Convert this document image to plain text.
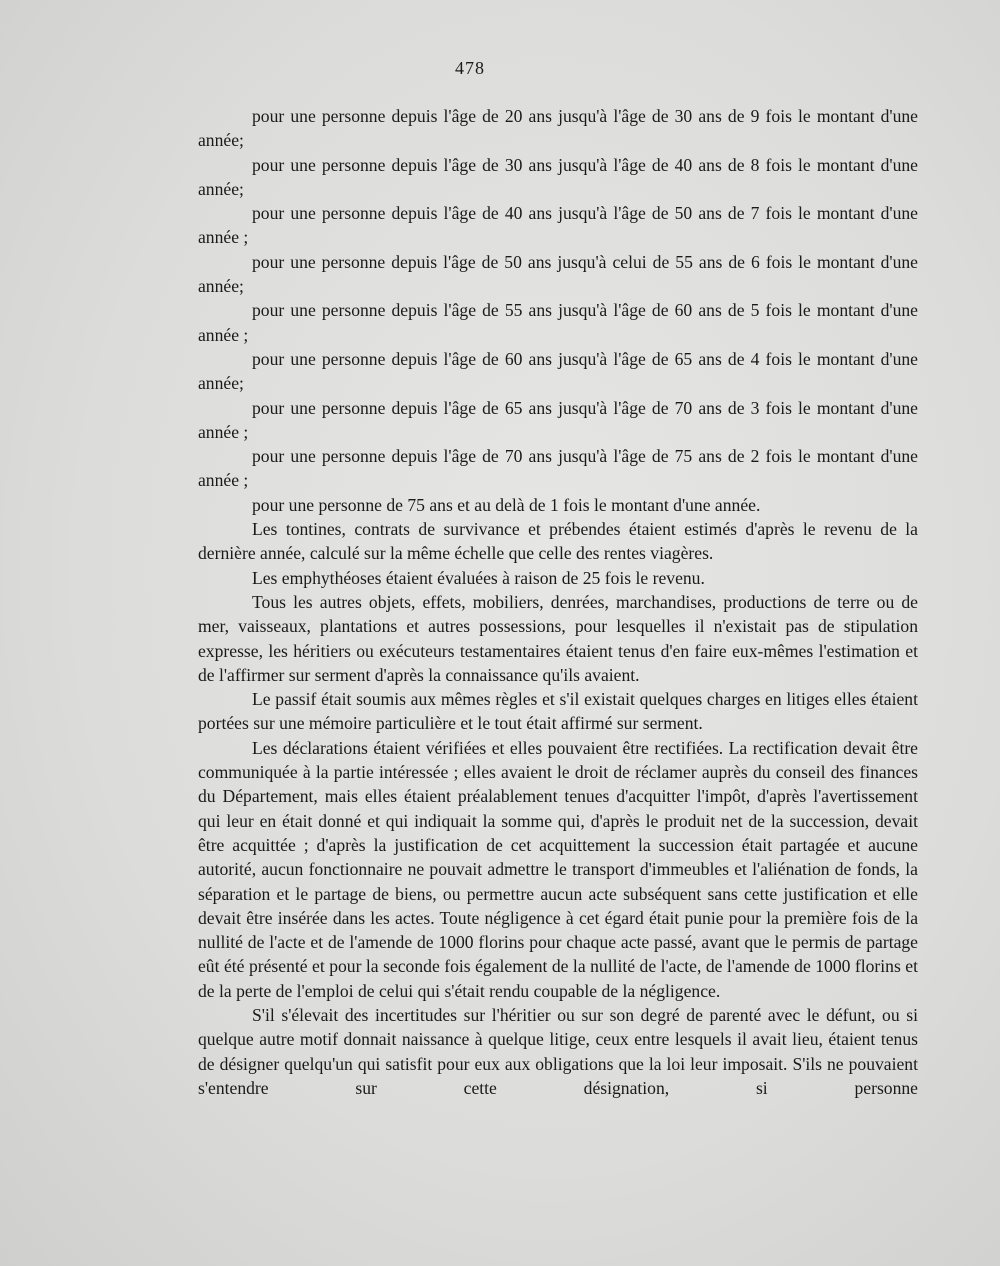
478

pour une personne depuis l'âge de 20 ans jusqu'à l'âge de 30 ans de 9 fois le montant d'une année;

pour une personne depuis l'âge de 30 ans jusqu'à l'âge de 40 ans de 8 fois le montant d'une année;

pour une personne depuis l'âge de 40 ans jusqu'à l'âge de 50 ans de 7 fois le montant d'une année ;

pour une personne depuis l'âge de 50 ans jusqu'à celui de 55 ans de 6 fois le montant d'une année;

pour une personne depuis l'âge de 55 ans jusqu'à l'âge de 60 ans de 5 fois le montant d'une année ;

pour une personne depuis l'âge de 60 ans jusqu'à l'âge de 65 ans de 4 fois le montant d'une année;

pour une personne depuis l'âge de 65 ans jusqu'à l'âge de 70 ans de 3 fois le montant d'une année ;

pour une personne depuis l'âge de 70 ans jusqu'à l'âge de 75 ans de 2 fois le montant d'une année ;

pour une personne de 75 ans et au delà de 1 fois le montant d'une année.

Les tontines, contrats de survivance et prébendes étaient estimés d'après le revenu de la dernière année, calculé sur la même échelle que celle des rentes viagères.

Les emphythéoses étaient évaluées à raison de 25 fois le revenu.

Tous les autres objets, effets, mobiliers, denrées, marchandises, productions de terre ou de mer, vaisseaux, plantations et autres possessions, pour lesquelles il n'existait pas de stipulation expresse, les héritiers ou exécuteurs testamentaires étaient tenus d'en faire eux-mêmes l'estimation et de l'affirmer sur serment d'après la connaissance qu'ils avaient.

Le passif était soumis aux mêmes règles et s'il existait quelques charges en litiges elles étaient portées sur une mémoire particulière et le tout était affirmé sur serment.

Les déclarations étaient vérifiées et elles pouvaient être rectifiées. La rectification devait être communiquée à la partie intéressée ; elles avaient le droit de réclamer auprès du conseil des finances du Département, mais elles étaient préalablement tenues d'acquitter l'impôt, d'après l'avertissement qui leur en était donné et qui indiquait la somme qui, d'après le produit net de la succession, devait être acquittée ; d'après la justification de cet acquittement la succession était partagée et aucune autorité, aucun fonctionnaire ne pouvait admettre le transport d'immeubles et l'aliénation de fonds, la séparation et le partage de biens, ou permettre aucun acte subséquent sans cette justification et elle devait être insérée dans les actes. Toute négligence à cet égard était punie pour la première fois de la nullité de l'acte et de l'amende de 1000 florins pour chaque acte passé, avant que le permis de partage eût été présenté et pour la seconde fois également de la nullité de l'acte, de l'amende de 1000 florins et de la perte de l'emploi de celui qui s'était rendu coupable de la négligence.

S'il s'élevait des incertitudes sur l'héritier ou sur son degré de parenté avec le défunt, ou si quelque autre motif donnait naissance à quelque litige, ceux entre lesquels il avait lieu, étaient tenus de désigner quelqu'un qui satisfit pour eux aux obligations que la loi leur imposait. S'ils ne pouvaient s'entendre sur cette désignation, si personne
